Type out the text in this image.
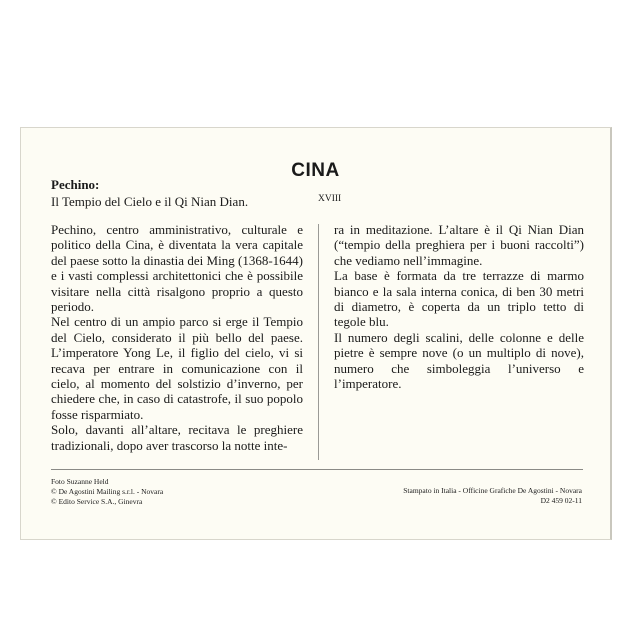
CINA
XVIII
Pechino:
Il Tempio del Cielo e il Qi Nian Dian.

Pechino, centro amministrativo, culturale e politico della Cina, è diventata la vera capitale del paese sotto la dinastia dei Ming (1368-1644) e i vasti complessi architettonici che è possibile visitare nella città risalgono proprio a questo periodo.

Nel centro di un ampio parco si erge il Tempio del Cielo, considerato il più bello del paese. L’imperatore Yong Le, il figlio del cielo, vi si recava per entrare in comunicazione con il cielo, al momento del solstizio d’inverno, per chiedere che, in caso di catastrofe, il suo popolo fosse risparmiato.

Solo, davanti all’altare, recitava le preghiere tradizionali, dopo aver trascorso la notte inte-

ra in meditazione. L’altare è il Qi Nian Dian (“tempio della preghiera per i buoni raccolti”) che vediamo nell’immagine.

La base è formata da tre terrazze di marmo bianco e la sala interna conica, di ben 30 metri di diametro, è coperta da un triplo tetto di tegole blu.

Il numero degli scalini, delle colonne e delle pietre è sempre nove (o un multiplo di nove), numero che simboleggia l’universo e l’imperatore.

Foto Suzanne Held
© De Agostini Mailing s.r.l. - Novara
© Edito Service S.A., Ginevra
Stampato in Italia - Officine Grafiche De Agostini - Novara
D2 459 02-11
